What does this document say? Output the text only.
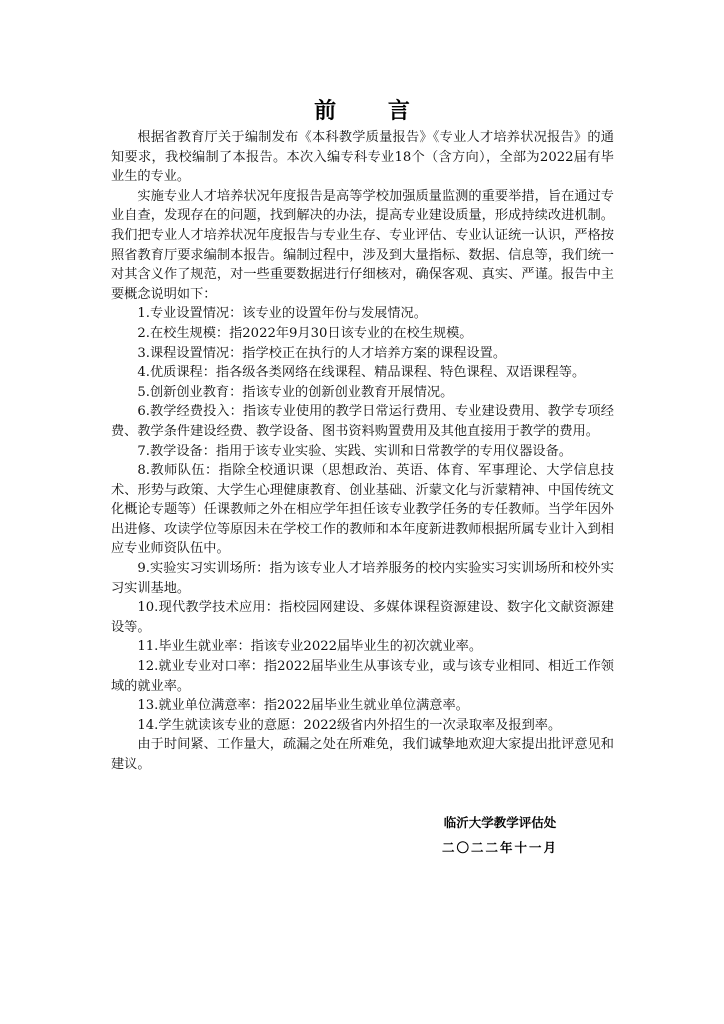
前 言

根据省教育厅关于编制发布《本科教学质量报告》《专业人才培养状况报告》的通知要求，我校编制了本报告。本次入编专科专业18个（含方向），全部为2022届有毕业生的专业。

实施专业人才培养状况年度报告是高等学校加强质量监测的重要举措，旨在通过专业自查，发现存在的问题，找到解决的办法，提高专业建设质量，形成持续改进机制。我们把专业人才培养状况年度报告与专业生存、专业评估、专业认证统一认识，严格按照省教育厅要求编制本报告。编制过程中，涉及到大量指标、数据、信息等，我们统一对其含义作了规范，对一些重要数据进行仔细核对，确保客观、真实、严谨。报告中主要概念说明如下：

1.专业设置情况：该专业的设置年份与发展情况。

2.在校生规模：指2022年9月30日该专业的在校生规模。

3.课程设置情况：指学校正在执行的人才培养方案的课程设置。

4.优质课程：指各级各类网络在线课程、精品课程、特色课程、双语课程等。

5.创新创业教育：指该专业的创新创业教育开展情况。

6.教学经费投入：指该专业使用的教学日常运行费用、专业建设费用、教学专项经费、教学条件建设经费、教学设备、图书资料购置费用及其他直接用于教学的费用。

7.教学设备：指用于该专业实验、实践、实训和日常教学的专用仪器设备。

8.教师队伍：指除全校通识课（思想政治、英语、体育、军事理论、大学信息技术、形势与政策、大学生心理健康教育、创业基础、沂蒙文化与沂蒙精神、中国传统文化概论专题等）任课教师之外在相应学年担任该专业教学任务的专任教师。当学年因外出进修、攻读学位等原因未在学校工作的教师和本年度新进教师根据所属专业计入到相应专业师资队伍中。

9.实验实习实训场所：指为该专业人才培养服务的校内实验实习实训场所和校外实习实训基地。

10.现代教学技术应用：指校园网建设、多媒体课程资源建设、数字化文献资源建设等。

11.毕业生就业率：指该专业2022届毕业生的初次就业率。

12.就业专业对口率：指2022届毕业生从事该专业，或与该专业相同、相近工作领域的就业率。

13.就业单位满意率：指2022届毕业生就业单位满意率。

14.学生就读该专业的意愿：2022级省内外招生的一次录取率及报到率。

由于时间紧、工作量大，疏漏之处在所难免，我们诚挚地欢迎大家提出批评意见和建议。

临沂大学教学评估处
二〇二二年十一月
